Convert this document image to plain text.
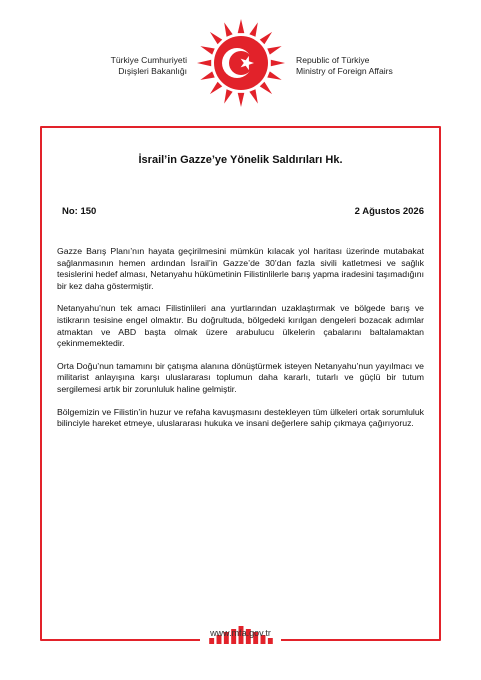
Türkiye Cumhuriyeti
Dışişleri Bakanlığı
Republic of Türkiye
Ministry of Foreign Affairs
İsrail’in Gazze’ye Yönelik Saldırıları Hk.
No: 150	2 Ağustos 2026

Gazze Barış Planı’nın hayata geçirilmesini mümkün kılacak yol haritası üzerinde mutabakat sağlanmasının hemen ardından İsrail’in Gazze’de 30’dan fazla sivili katletmesi ve sağlık tesislerini hedef alması, Netanyahu hükümetinin Filistinlilerle barış yapma iradesini taşımadığını bir kez daha göstermiştir.

Netanyahu’nun tek amacı Filistinlileri ana yurtlarından uzaklaştırmak ve bölgede barış ve istikrarın tesisine engel olmaktır. Bu doğrultuda, bölgedeki kırılgan dengeleri bozacak adımlar atmaktan ve ABD başta olmak üzere arabulucu ülkelerin çabalarını baltalamaktan çekinmemektedir.

Orta Doğu’nun tamamını bir çatışma alanına dönüştürmek isteyen Netanyahu’nun yayılmacı ve militarist anlayışına karşı uluslararası toplumun daha kararlı, tutarlı ve güçlü bir tutum sergilemesi artık bir zorunluluk haline gelmiştir.

Bölgemizin ve Filistin’in huzur ve refaha kavuşmasını destekleyen tüm ülkeleri ortak sorumluluk bilinciyle hareket etmeye, uluslararası hukuka ve insani değerlere sahip çıkmaya çağırıyoruz.

www.mfa.gov.tr
